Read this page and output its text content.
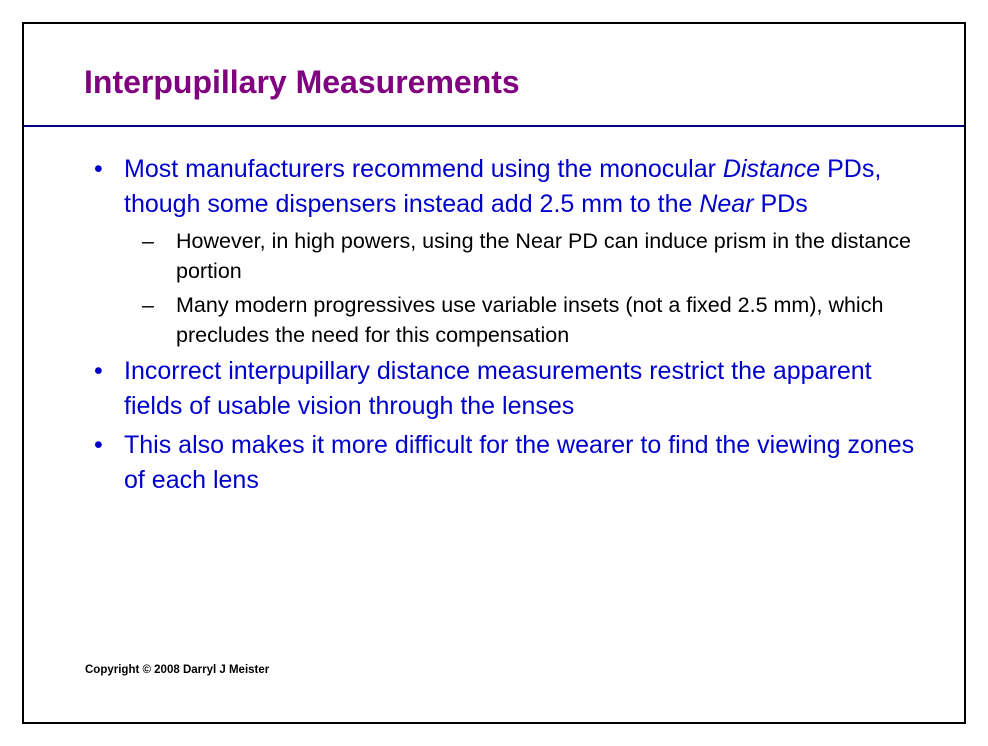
Interpupillary Measurements
• Most manufacturers recommend using the monocular Distance PDs, though some dispensers instead add 2.5 mm to the Near PDs
– However, in high powers, using the Near PD can induce prism in the distance portion
– Many modern progressives use variable insets (not a fixed 2.5 mm), which precludes the need for this compensation
• Incorrect interpupillary distance measurements restrict the apparent fields of usable vision through the lenses
• This also makes it more difficult for the wearer to find the viewing zones of each lens
Copyright © 2008 Darryl J Meister
